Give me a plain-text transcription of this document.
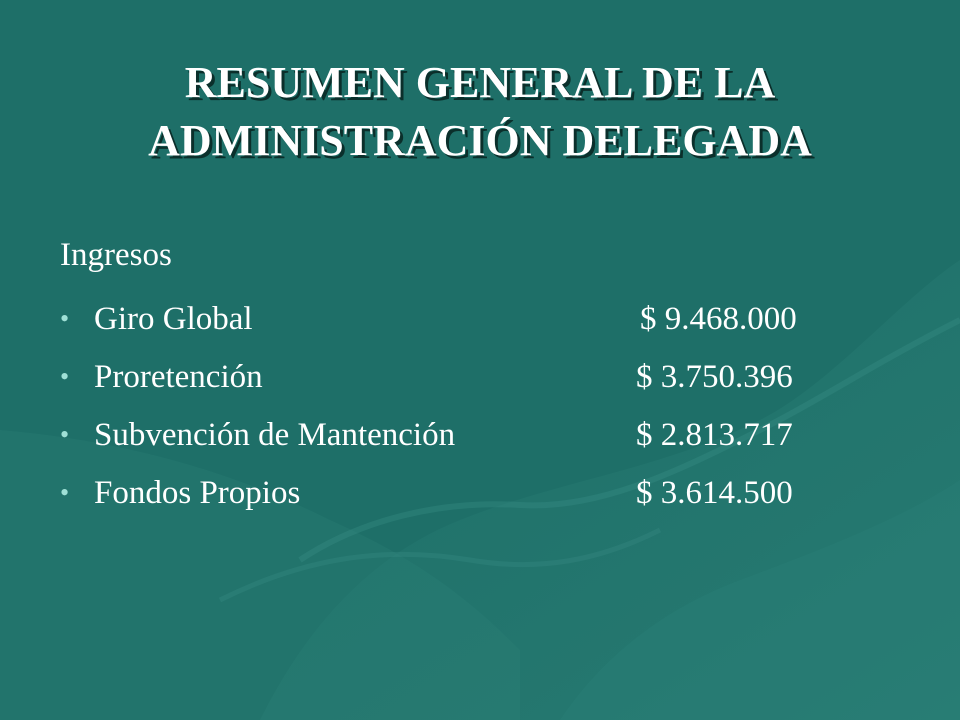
RESUMEN GENERAL DE LA
ADMINISTRACIÓN DELEGADA
Ingresos
• Giro Global	$ 9.468.000
• Proretención	$ 3.750.396
• Subvención de Mantención	$ 2.813.717
• Fondos Propios	$ 3.614.500
